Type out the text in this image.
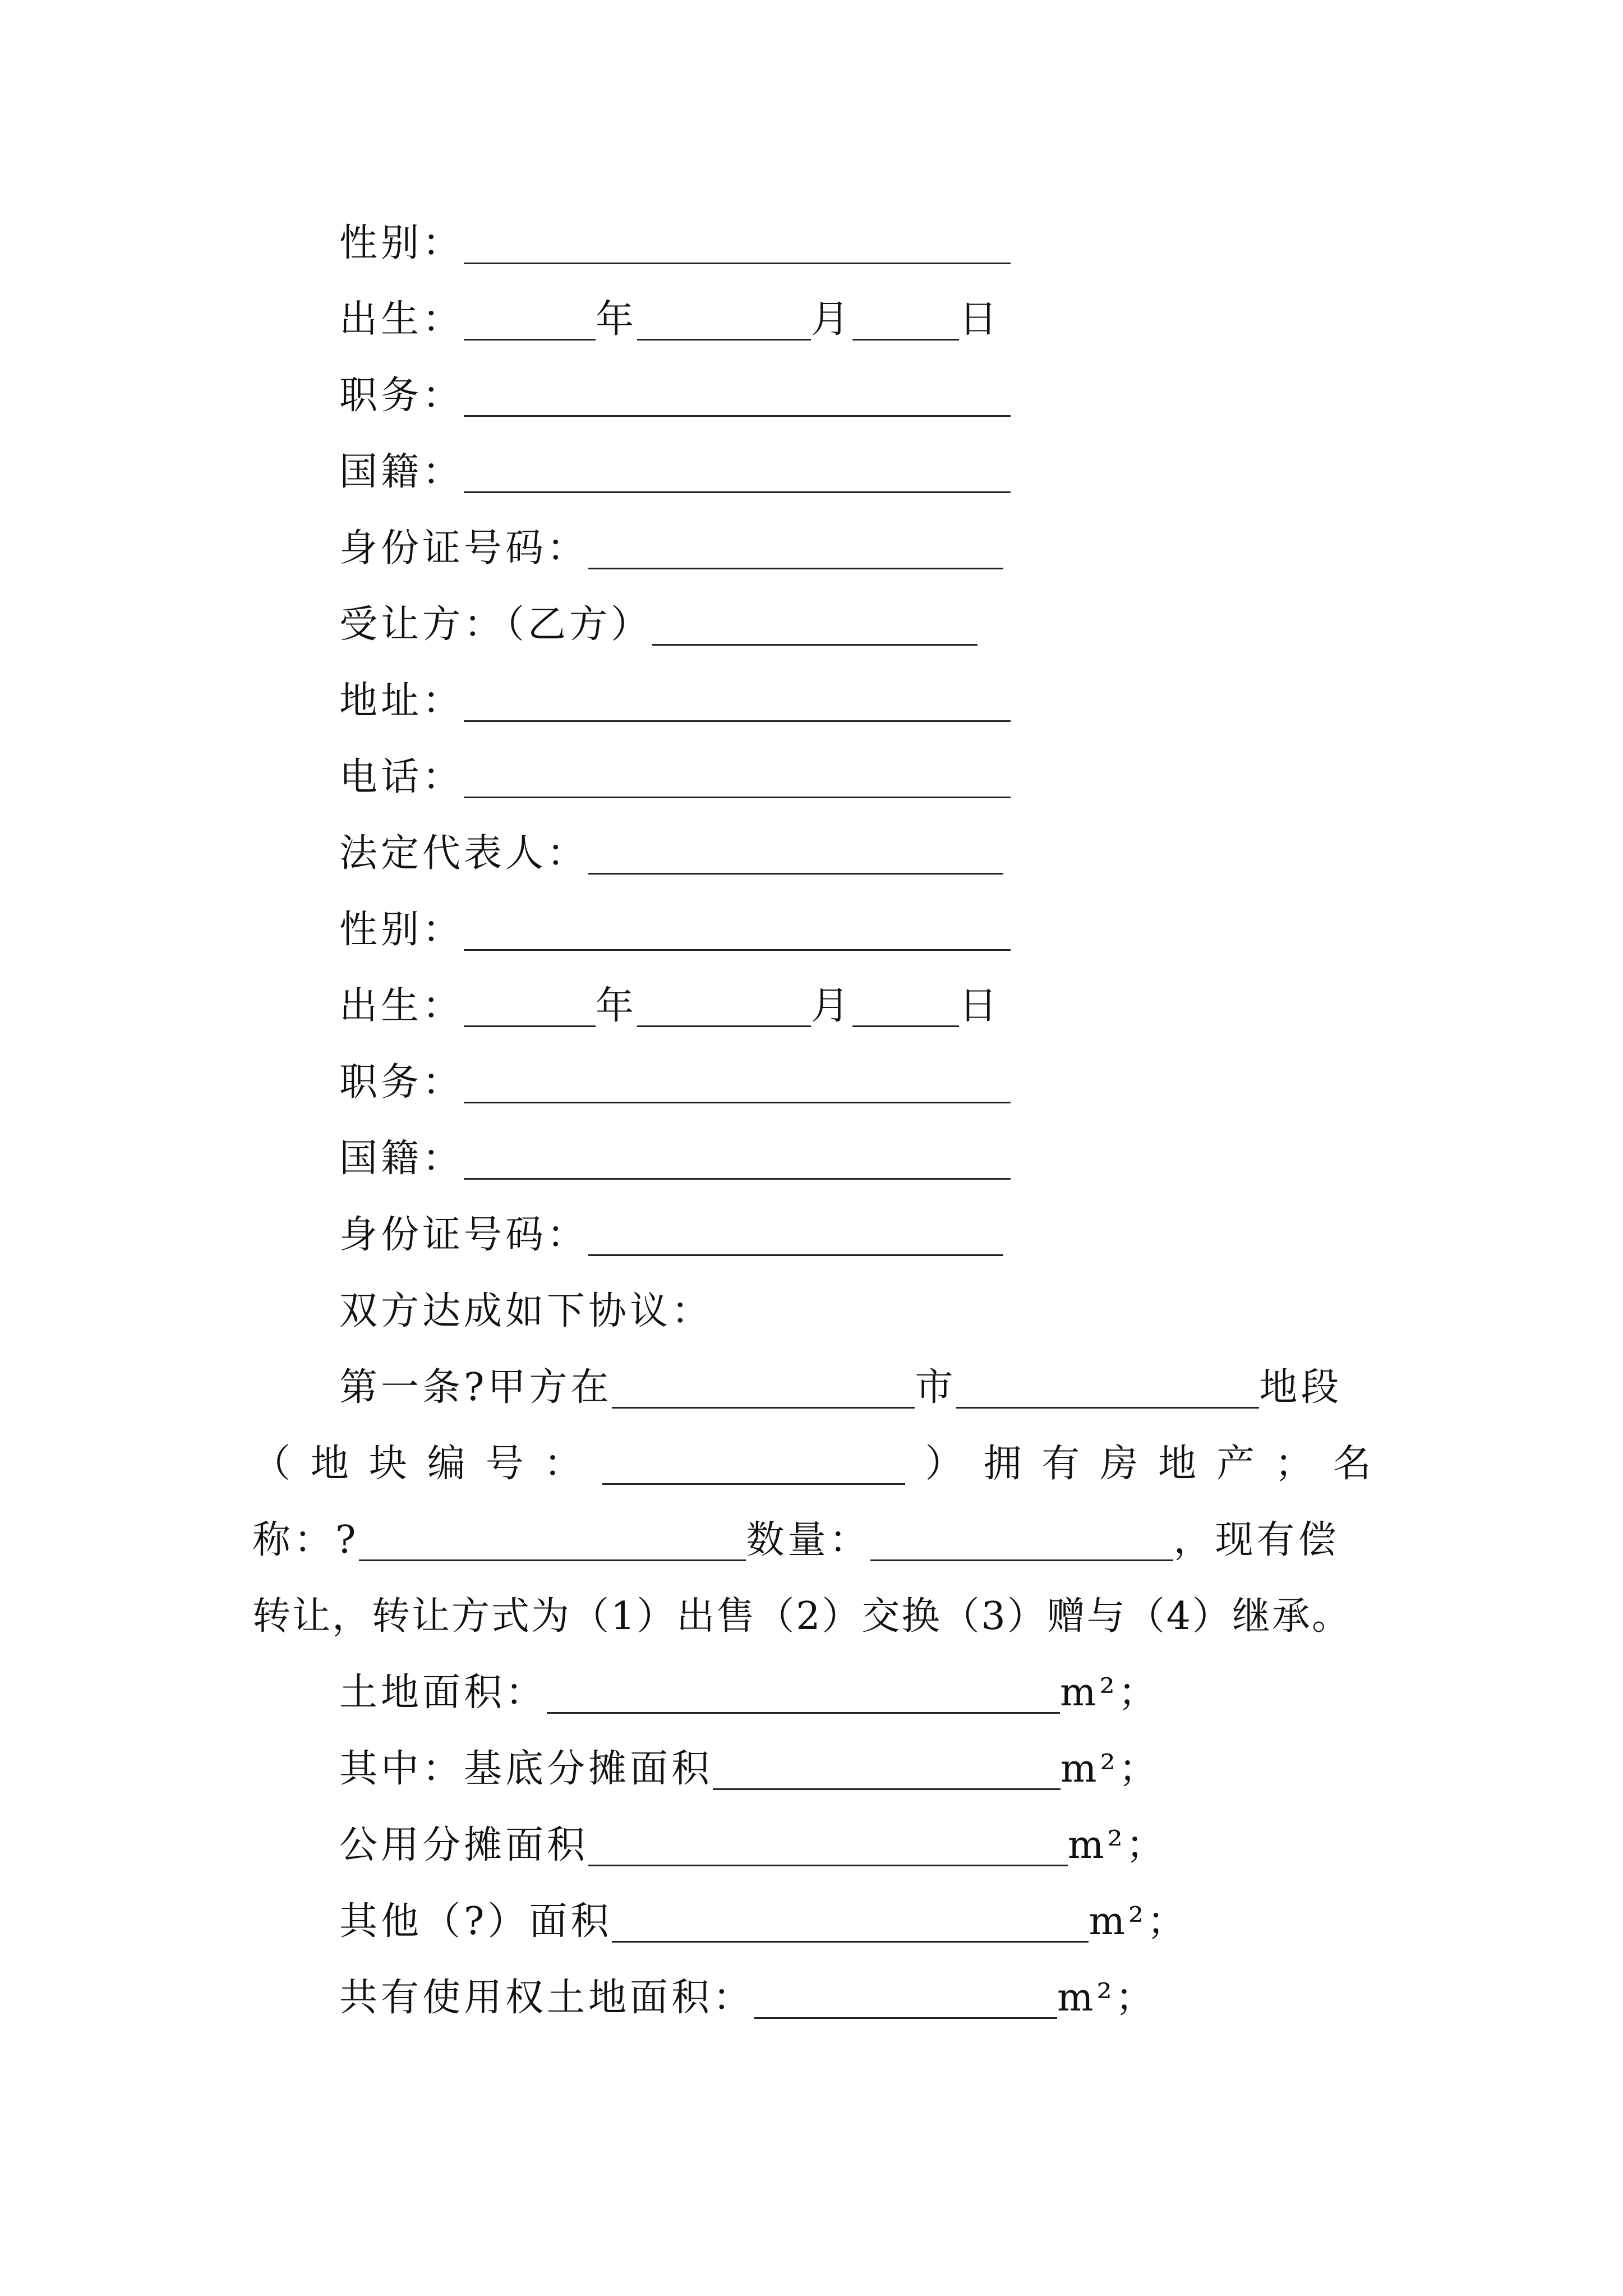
性别：
出生：	年	月	日
职务：
国籍：
身份证号码：
受让方：（乙方）
地址：
电话：
法定代表人：
性别：
出生：	年	月	日
职务：
国籍：
身份证号码：
双方达成如下协议：
第一条?甲方在	市	地段
（ 地 块 编 号 ：	） 拥 有 房 地 产 ； 名
称：?	数量：	，现有偿
转让，转让方式为（1）出售（2）交换（3）赠与（4）继承。
土地面积：	m²；
其中：基底分摊面积	m²；
公用分摊面积	m²；
其他（?）面积	m²；
共有使用权土地面积：	m²；
